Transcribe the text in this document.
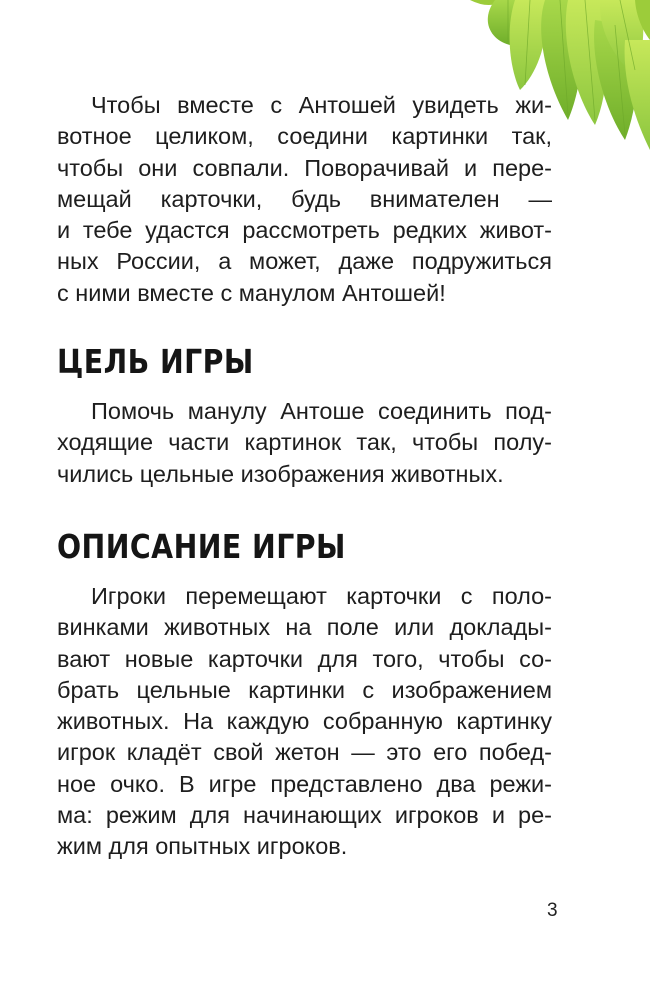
Чтобы вместе с Антошей увидеть жи-
вотное целиком, соедини картинки так,
чтобы они совпали. Поворачивай и пере-
мещай карточки, будь внимателен —
и тебе удастся рассмотреть редких живот-
ных России, а может, даже подружиться
с ними вместе с манулом Антошей!

ЦЕЛЬ ИГРЫ

Помочь манулу Антоше соединить под-
ходящие части картинок так, чтобы полу-
чились цельные изображения животных.

ОПИСАНИЕ ИГРЫ

Игроки перемещают карточки с поло-
винками животных на поле или доклады-
вают новые карточки для того, чтобы со-
брать цельные картинки с изображением
животных. На каждую собранную картинку
игрок кладёт свой жетон — это его побед-
ное очко. В игре представлено два режи-
ма: режим для начинающих игроков и ре-
жим для опытных игроков.

3
